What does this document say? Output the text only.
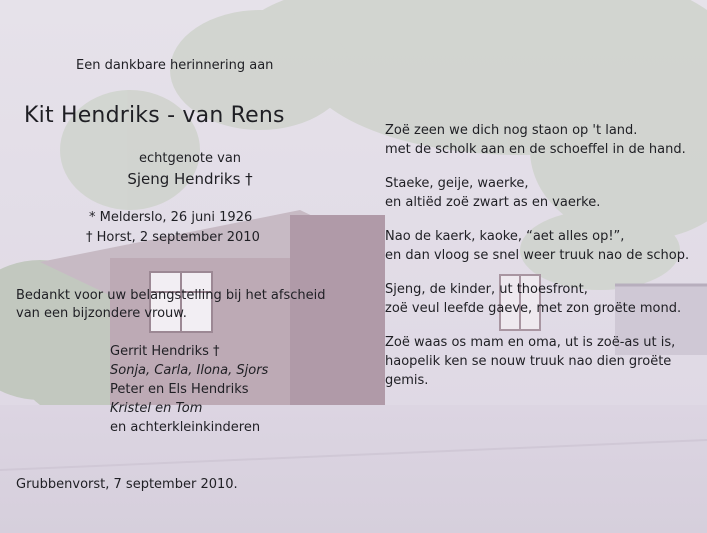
Een dankbare herinnering aan
Kit Hendriks - van Rens
echtgenote van
Sjeng Hendriks †
* Melderslo, 26 juni 1926
† Horst, 2 september 2010
Bedankt voor uw belangstelling bij het afscheid
van een bijzondere vrouw.
Gerrit Hendriks †
Sonja, Carla, Ilona, Sjors
Peter en Els Hendriks
Kristel en Tom
en achterkleinkinderen
Grubbenvorst, 7 september 2010.
Zoë zeen we dich nog staon op 't land.
met de scholk aan en de schoeffel in de hand.
Staeke, geije, waerke,
en altiëd zoë zwart as en vaerke.
Nao de kaerk, kaoke, “aet alles op!”,
en dan vloog se snel weer truuk nao de schop.
Sjeng, de kinder, ut thoesfront,
zoë veul leefde gaeve, met zon groëte mond.
Zoë waas os mam en oma, ut is zoë-as ut is,
haopelik ken se nouw truuk nao dien groëte
gemis.
